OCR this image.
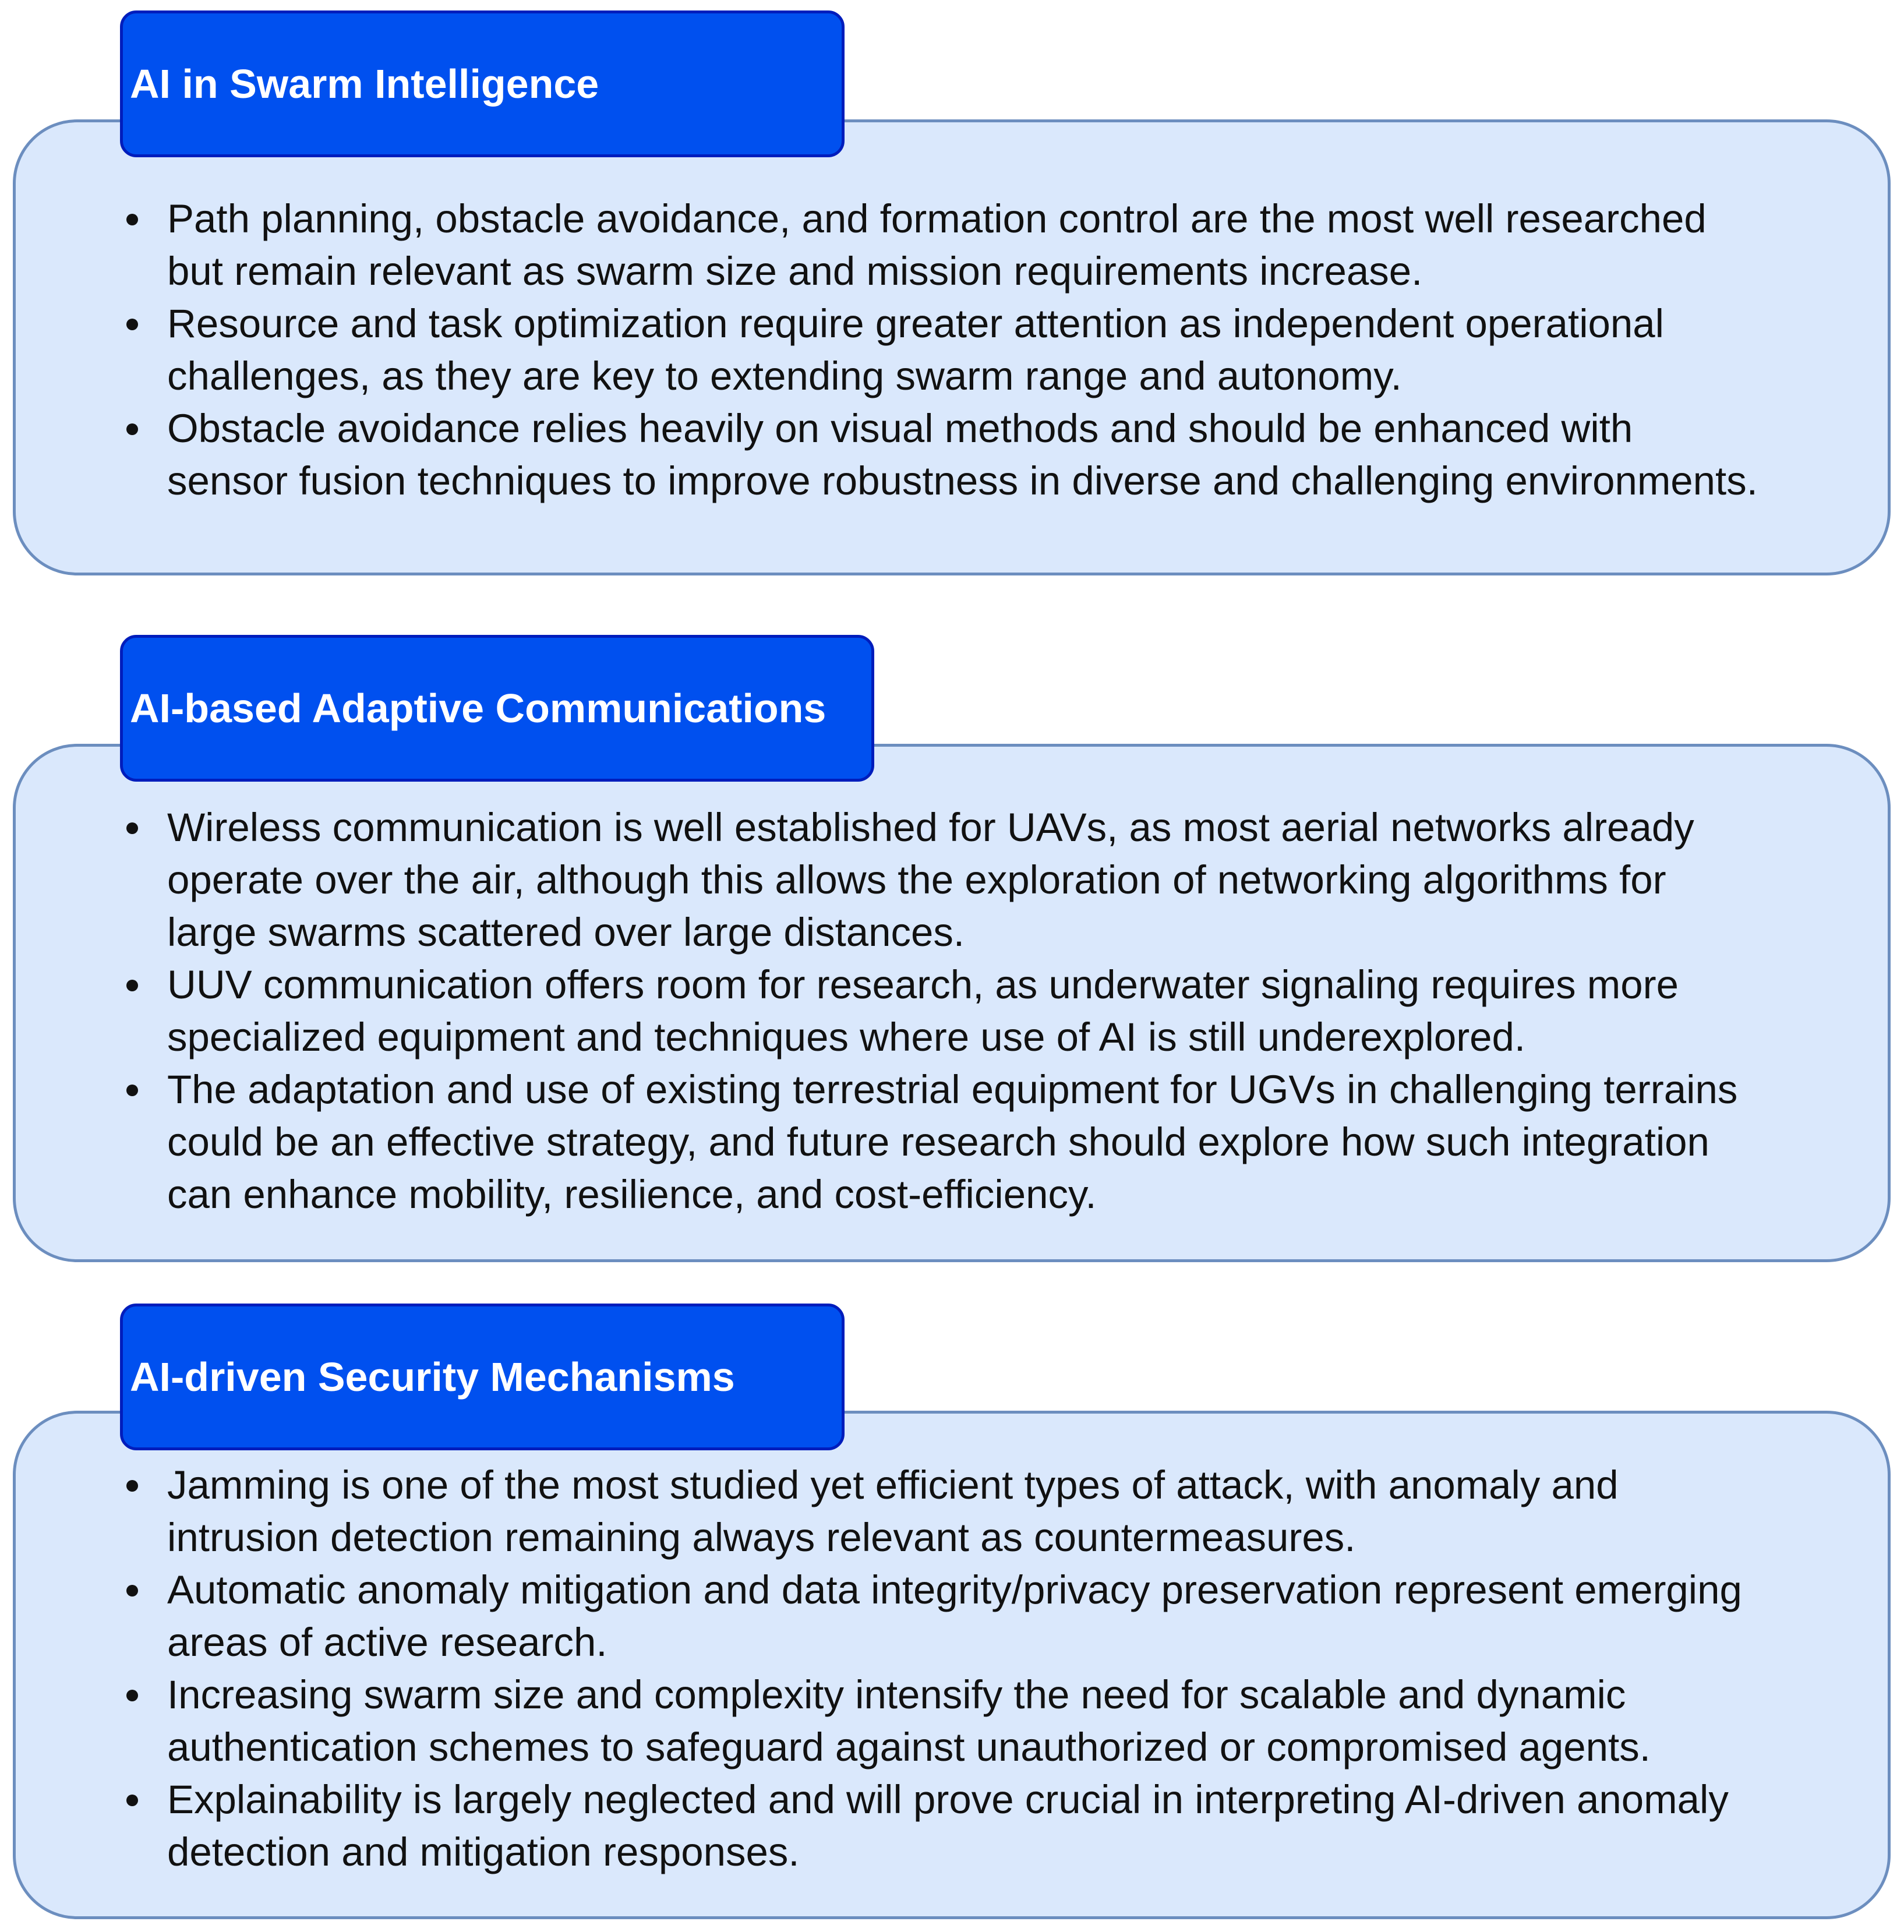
Path planning, obstacle avoidance, and formation control are the most well researched but remain relevant as swarm size and mission requirements increase.
Resource and task optimization require greater attention as independent operational challenges, as they are key to extending swarm range and autonomy.
Obstacle avoidance relies heavily on visual methods and should be enhanced with sensor fusion techniques to improve robustness in diverse and challenging environments.
AI in Swarm Intelligence
Wireless communication is well established for UAVs, as most aerial networks already operate over the air, although this allows the exploration of networking algorithms for large swarms scattered over large distances.
UUV communication offers room for research, as underwater signaling requires more specialized equipment and techniques where use of AI is still underexplored.
The adaptation and use of existing terrestrial equipment for UGVs in challenging terrains could be an effective strategy, and future research should explore how such integration can enhance mobility, resilience, and cost-efficiency.
AI-based Adaptive Communications
Jamming is one of the most studied yet efficient types of attack, with anomaly and intrusion detection remaining always relevant as countermeasures.
Automatic anomaly mitigation and data integrity/privacy preservation represent emerging areas of active research.
Increasing swarm size and complexity intensify the need for scalable and dynamic authentication schemes to safeguard against unauthorized or compromised agents.
Explainability is largely neglected and will prove crucial in interpreting AI-driven anomaly detection and mitigation responses.
AI-driven Security Mechanisms
